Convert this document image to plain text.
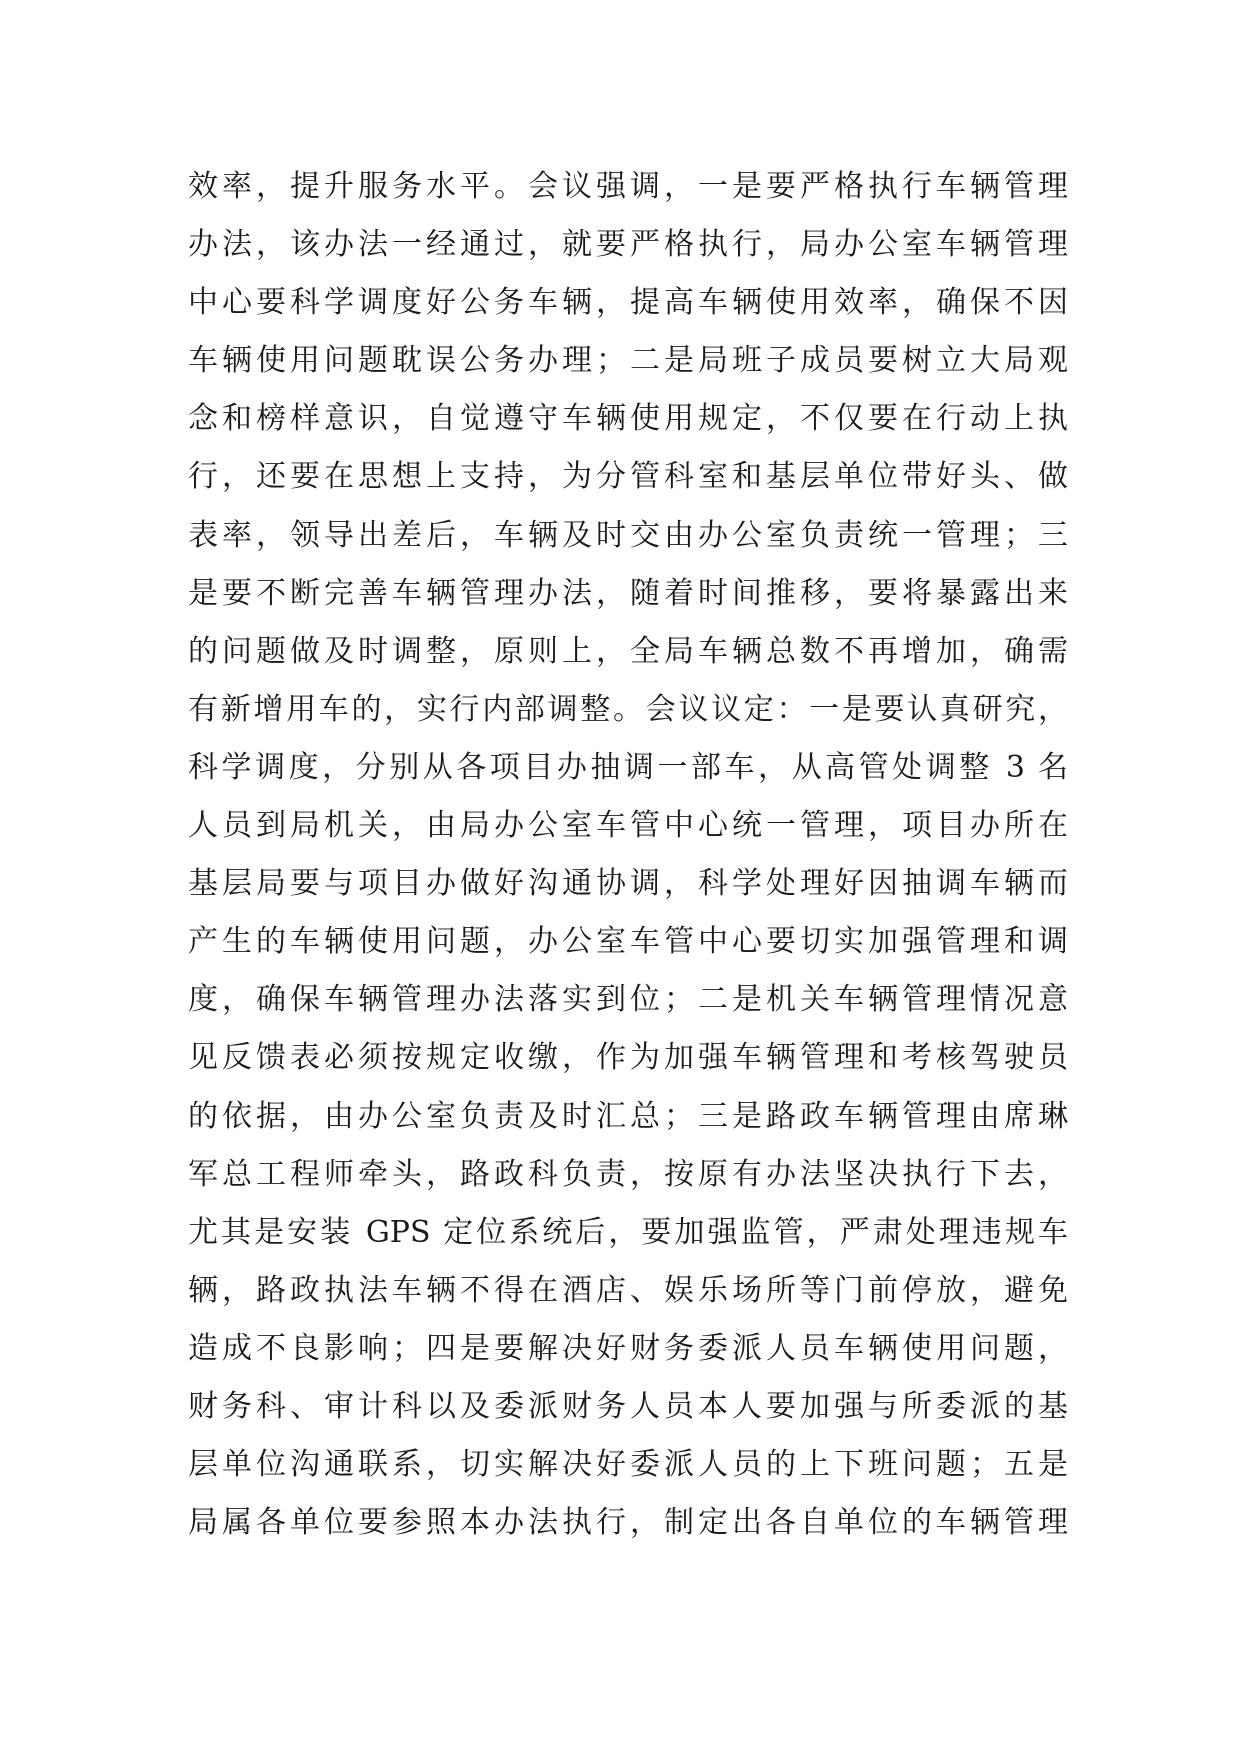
效率，提升服务水平。会议强调，一是要严格执行车辆管理
办法，该办法一经通过，就要严格执行，局办公室车辆管理
中心要科学调度好公务车辆，提高车辆使用效率，确保不因
车辆使用问题耽误公务办理；二是局班子成员要树立大局观
念和榜样意识，自觉遵守车辆使用规定，不仅要在行动上执
行，还要在思想上支持，为分管科室和基层单位带好头、做
表率，领导出差后，车辆及时交由办公室负责统一管理；三
是要不断完善车辆管理办法，随着时间推移，要将暴露出来
的问题做及时调整，原则上，全局车辆总数不再增加，确需
有新增用车的，实行内部调整。会议议定：一是要认真研究，
科学调度，分别从各项目办抽调一部车，从高管处调整 3 名
人员到局机关，由局办公室车管中心统一管理，项目办所在
基层局要与项目办做好沟通协调，科学处理好因抽调车辆而
产生的车辆使用问题，办公室车管中心要切实加强管理和调
度，确保车辆管理办法落实到位；二是机关车辆管理情况意
见反馈表必须按规定收缴，作为加强车辆管理和考核驾驶员
的依据，由办公室负责及时汇总；三是路政车辆管理由席琳
军总工程师牵头，路政科负责，按原有办法坚决执行下去，
尤其是安装 GPS 定位系统后，要加强监管，严肃处理违规车
辆，路政执法车辆不得在酒店、娱乐场所等门前停放，避免
造成不良影响；四是要解决好财务委派人员车辆使用问题，
财务科、审计科以及委派财务人员本人要加强与所委派的基
层单位沟通联系，切实解决好委派人员的上下班问题；五是
局属各单位要参照本办法执行，制定出各自单位的车辆管理
